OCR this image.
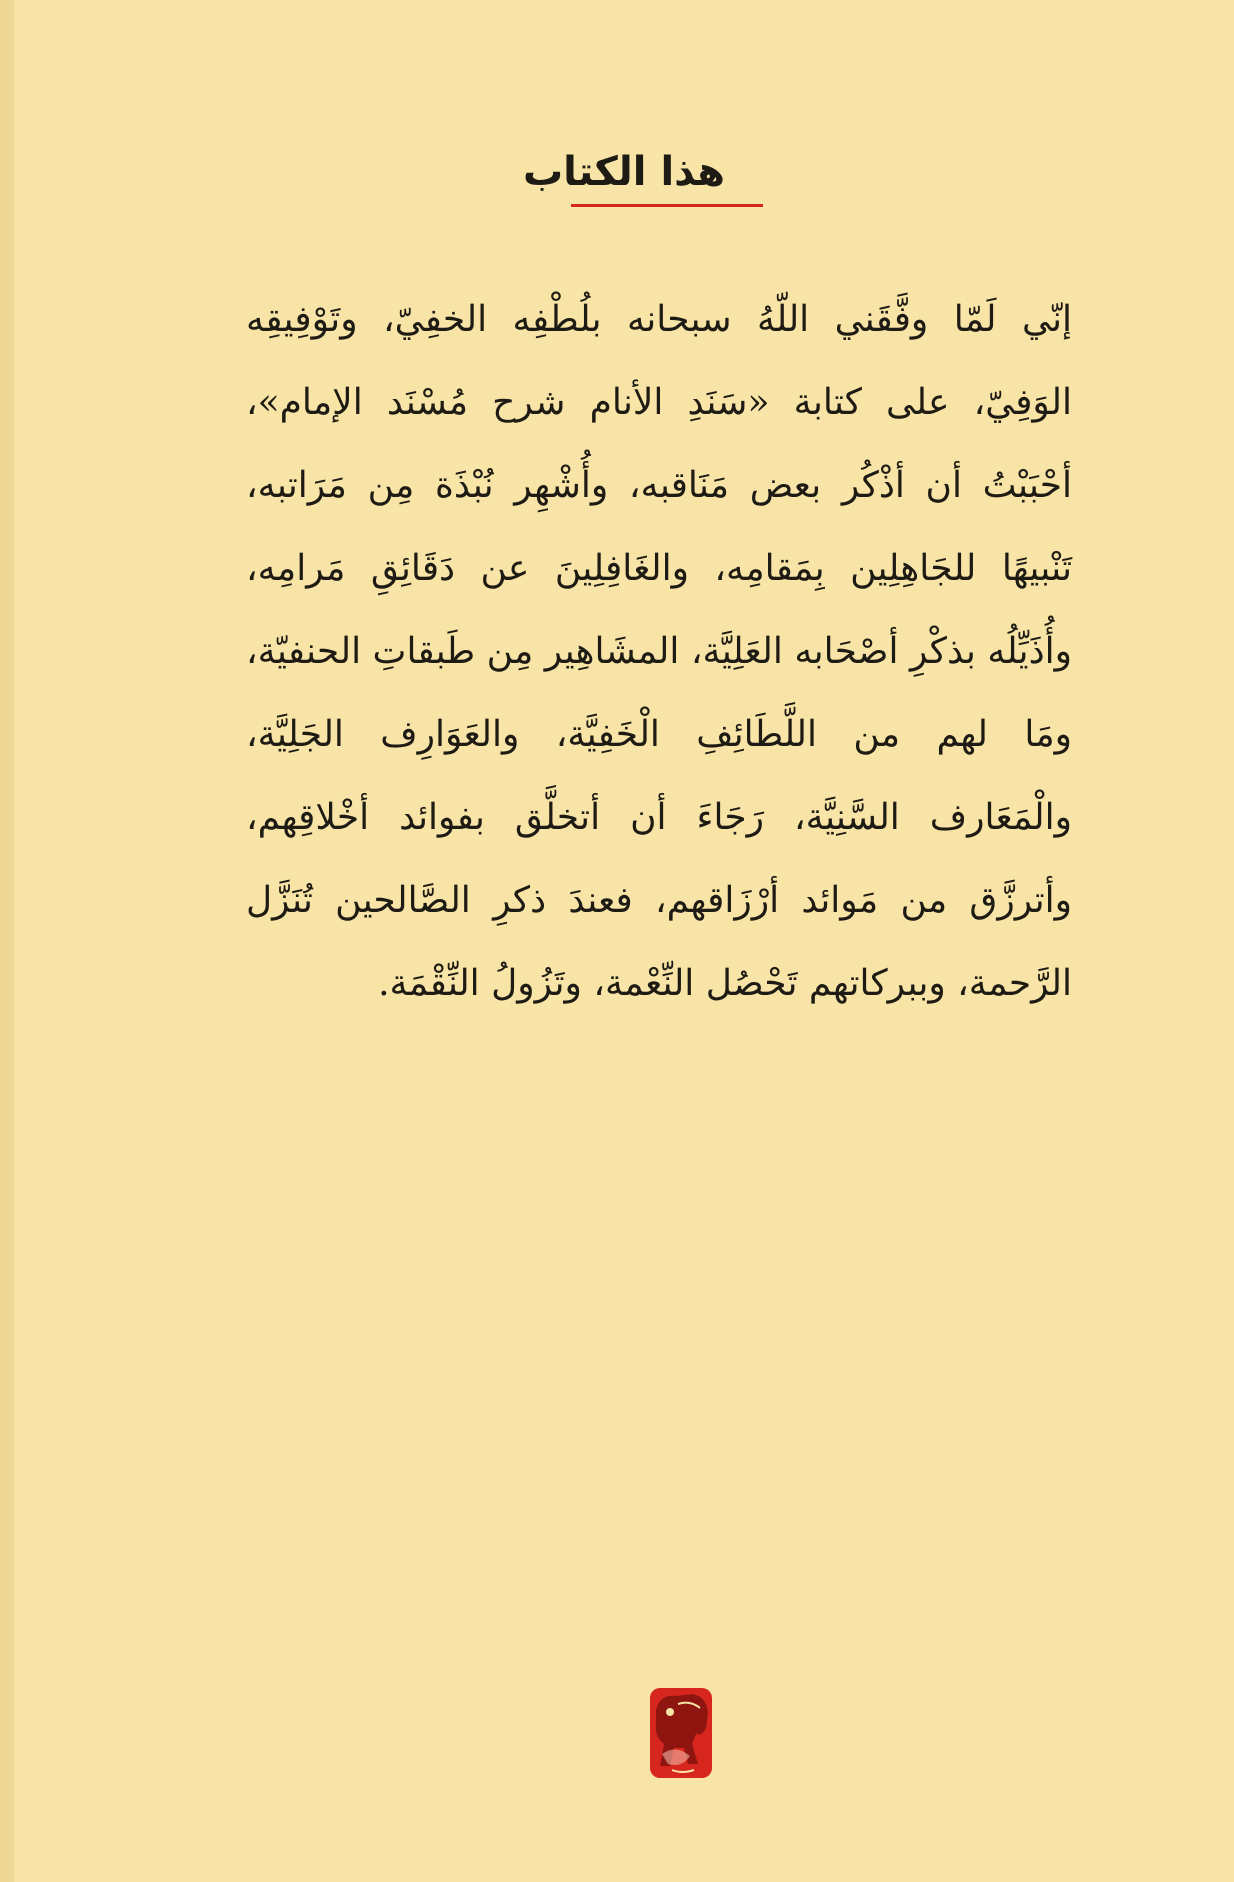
هذا الكتاب

إنّي لَمّا وفَّقَني اللّهُ سبحانه بلُطْفِه الخفِيّ، وتَوْفِيقِه الوَفِيّ، على كتابة «سَنَدِ الأنام شرح مُسْنَد الإمام»، أحْبَبْتُ أن أذْكُر بعض مَنَاقبه، وأُشْهِر نُبْذَة مِن مَرَاتبه، تَنْبيهًا للجَاهِلِين بِمَقامِه، والغَافِلِينَ عن دَقَائِقِ مَرامِه، وأُذَيِّلُه بذكْرِ أصْحَابه العَلِيَّة، المشَاهِير مِن طَبقاتِ الحنفيّة، ومَا لهم من اللَّطَائِفِ الْخَفِيَّة، والعَوَارِف الجَلِيَّة، والْمَعَارف السَّنِيَّة، رَجَاءَ أن أتخلَّق بفوائد أخْلاقِهم، وأترزَّق من مَوائد أرْزَاقهم، فعندَ ذكرِ الصَّالحين تُنَزَّل الرَّحمة، وببركاتهم تَحْصُل النِّعْمة، وتَزُولُ النِّقْمَة.
